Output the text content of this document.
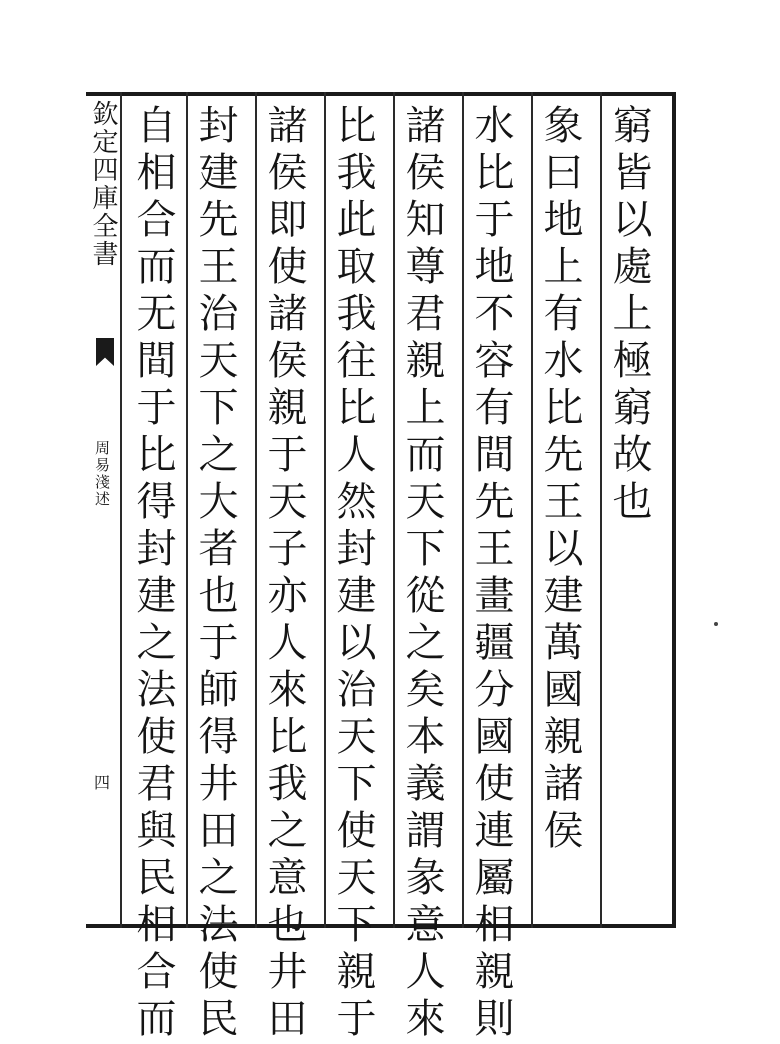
欽定四庫全書
周易淺述
四
窮皆以處上極窮故也
象曰地上有水比先王以建萬國親諸侯
水比于地不容有間先王畫疆分國使連屬相親則
諸侯知尊君親上而天下從之矣本義謂彖意人來
比我此取我往比人然封建以治天下使天下親于
諸侯即使諸侯親于天子亦人來比我之意也井田
封建先王治天下之大者也于師得井田之法使民
自相合而无間于比得封建之法使君與民相合而
